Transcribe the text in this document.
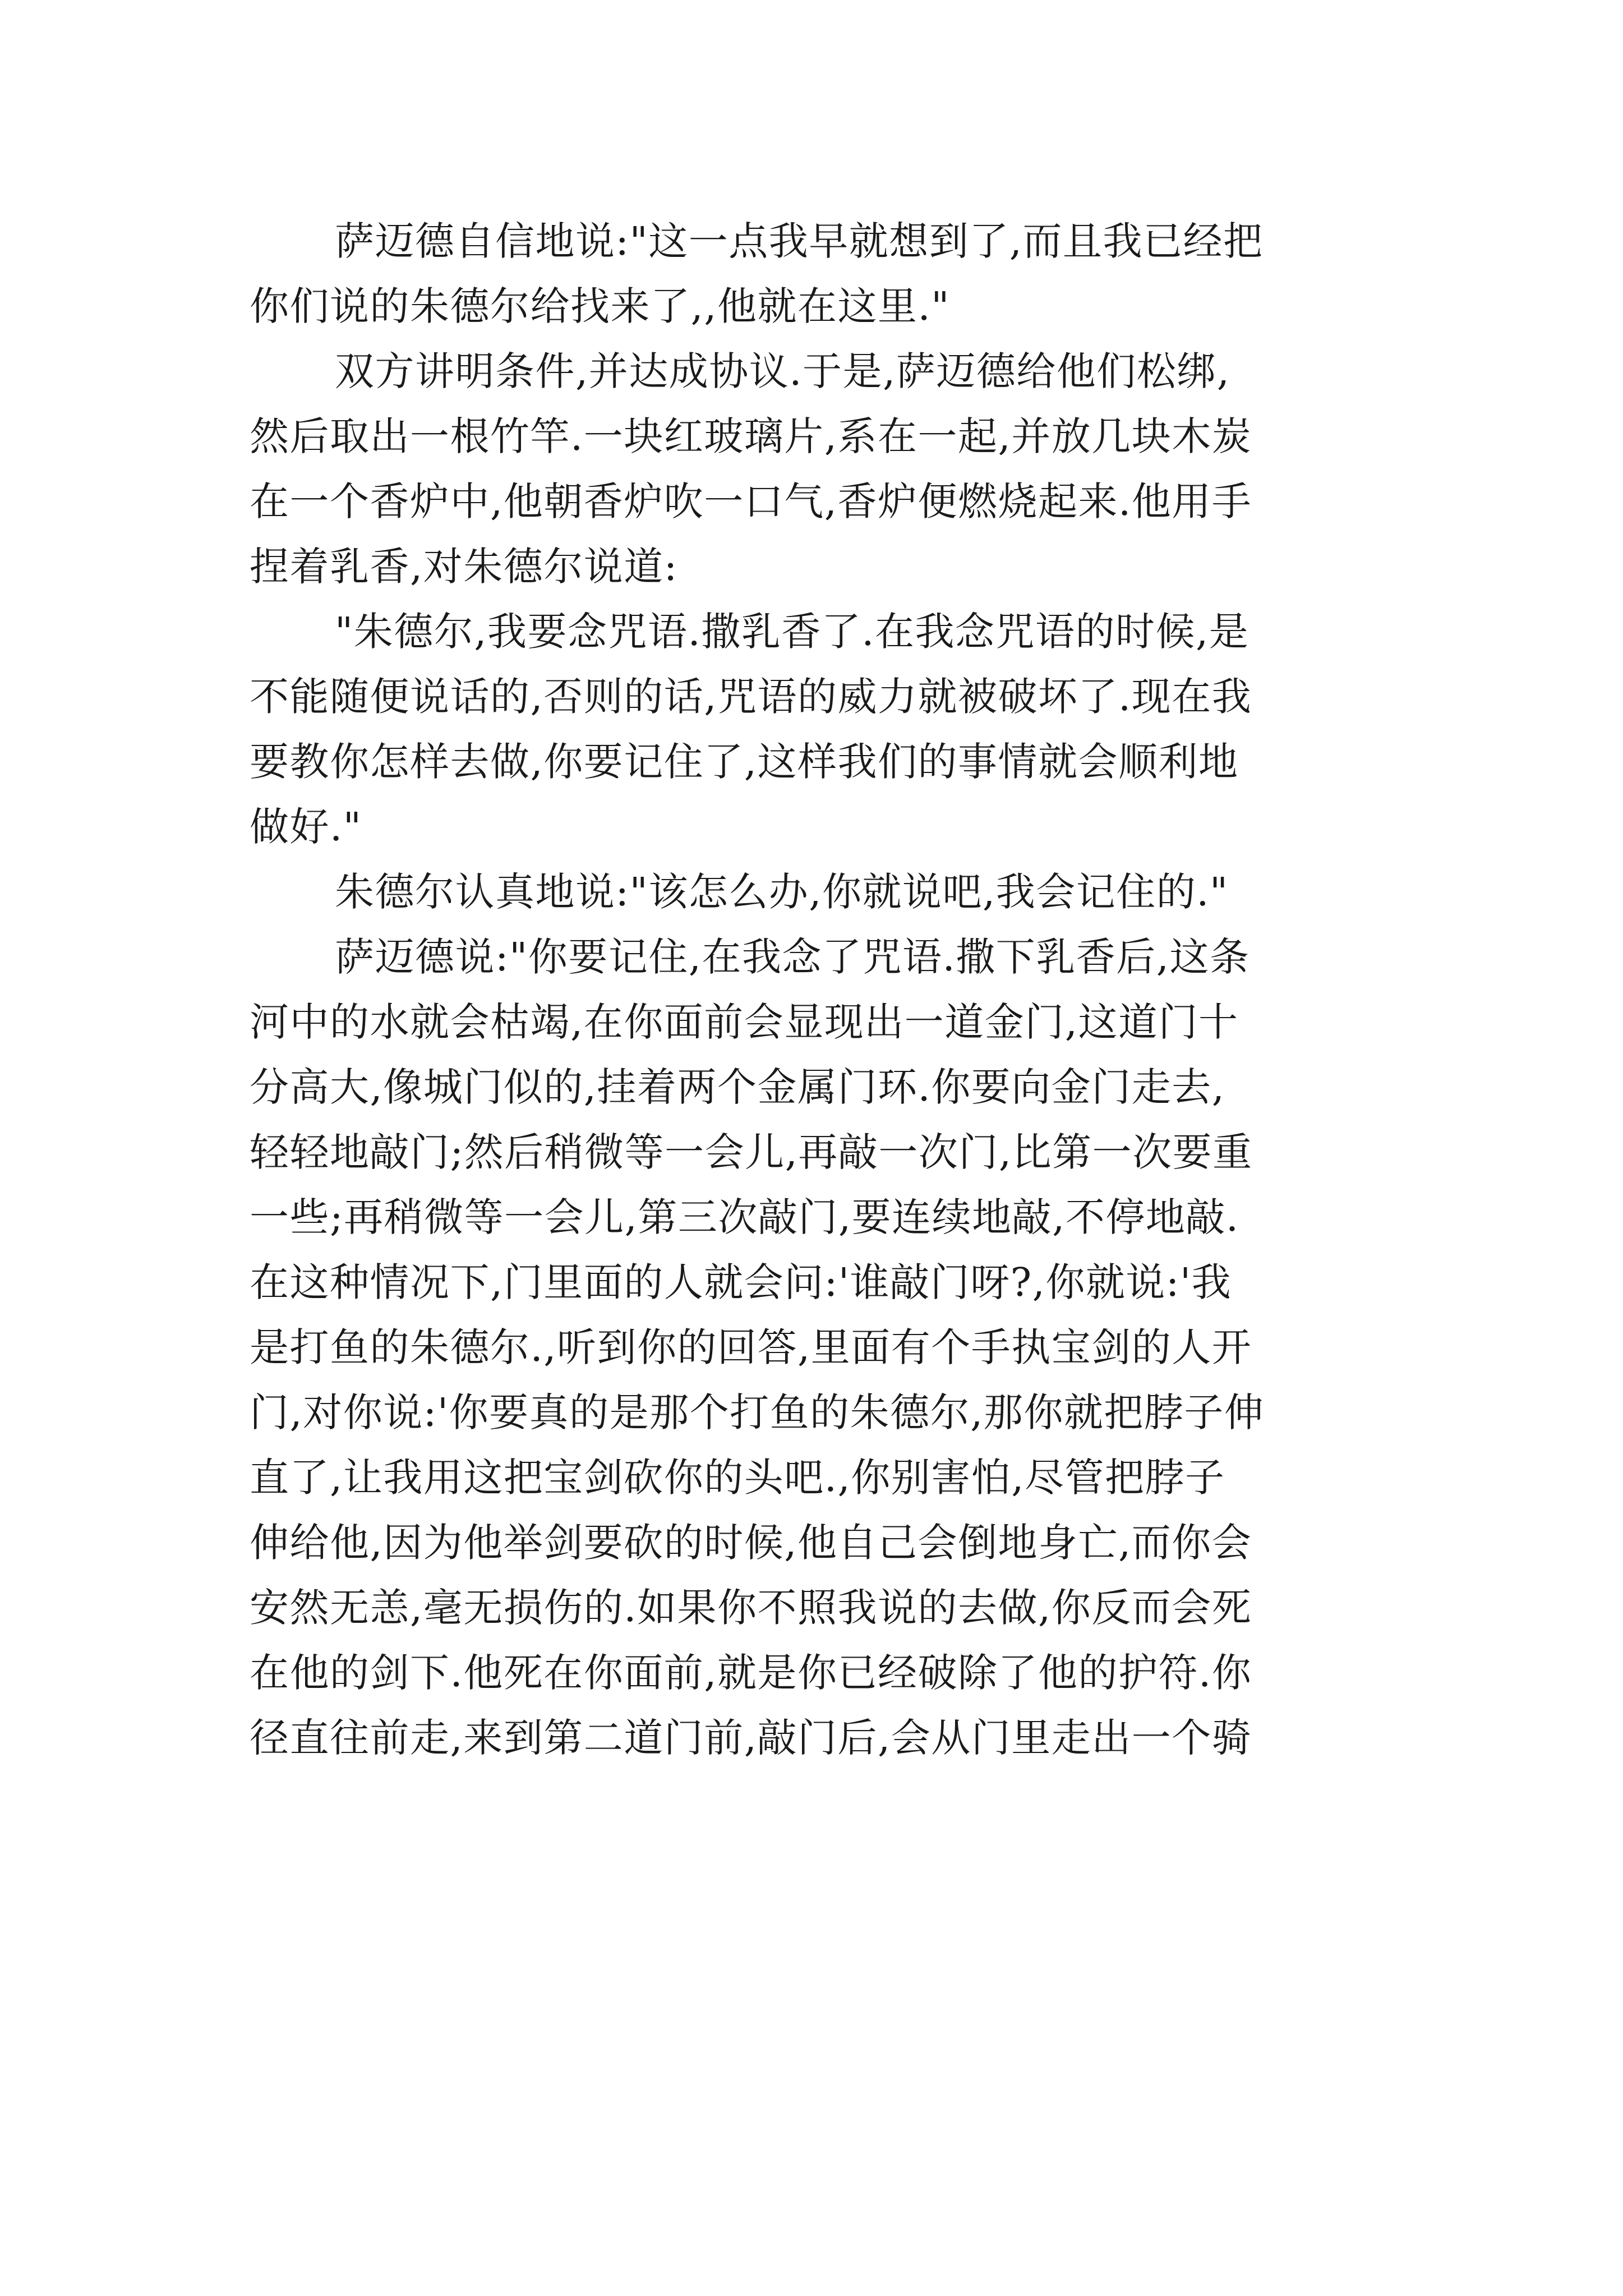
萨迈德自信地说:"这一点我早就想到了,而且我已经把
你们说的朱德尔给找来了,,他就在这里."
双方讲明条件,并达成协议.于是,萨迈德给他们松绑,
然后取出一根竹竿.一块红玻璃片,系在一起,并放几块木炭
在一个香炉中,他朝香炉吹一口气,香炉便燃烧起来.他用手
捏着乳香,对朱德尔说道:
"朱德尔,我要念咒语.撒乳香了.在我念咒语的时候,是
不能随便说话的,否则的话,咒语的威力就被破坏了.现在我
要教你怎样去做,你要记住了,这样我们的事情就会顺利地
做好."
朱德尔认真地说:"该怎么办,你就说吧,我会记住的."
萨迈德说:"你要记住,在我念了咒语.撒下乳香后,这条
河中的水就会枯竭,在你面前会显现出一道金门,这道门十
分高大,像城门似的,挂着两个金属门环.你要向金门走去,
轻轻地敲门;然后稍微等一会儿,再敲一次门,比第一次要重
一些;再稍微等一会儿,第三次敲门,要连续地敲,不停地敲.
在这种情况下,门里面的人就会问:'谁敲门呀?,你就说:'我
是打鱼的朱德尔.,听到你的回答,里面有个手执宝剑的人开
门,对你说:'你要真的是那个打鱼的朱德尔,那你就把脖子伸
直了,让我用这把宝剑砍你的头吧.,你别害怕,尽管把脖子
伸给他,因为他举剑要砍的时候,他自己会倒地身亡,而你会
安然无恙,毫无损伤的.如果你不照我说的去做,你反而会死
在他的剑下.他死在你面前,就是你已经破除了他的护符.你
径直往前走,来到第二道门前,敲门后,会从门里走出一个骑
